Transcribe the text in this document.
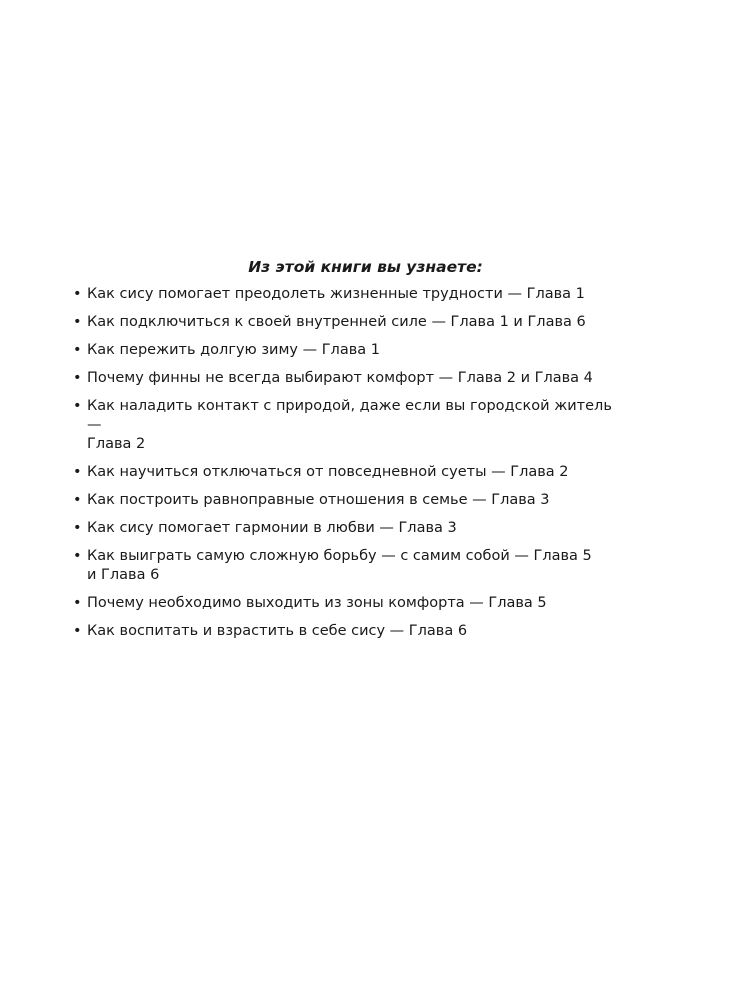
Из этой книги вы узнаете:
• Как сису помогает преодолеть жизненные трудности — Глава 1
• Как подключиться к своей внутренней силе — Глава 1 и Глава 6
• Как пережить долгую зиму — Глава 1
• Почему финны не всегда выбирают комфорт — Глава 2 и Глава 4
• Как наладить контакт с природой, даже если вы городской житель —
Глава 2
• Как научиться отключаться от повседневной суеты — Глава 2
• Как построить равноправные отношения в семье — Глава 3
• Как сису помогает гармонии в любви — Глава 3
• Как выиграть самую сложную борьбу — с самим собой — Глава 5
и Глава 6
• Почему необходимо выходить из зоны комфорта — Глава 5
• Как воспитать и взрастить в себе сису — Глава 6
